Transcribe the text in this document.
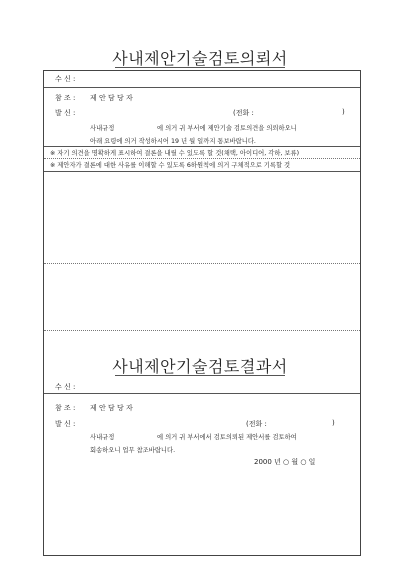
사내제안기술검토의뢰서
수 신 :
참 조 : 제 안 담 당 자
발 신 :	(전화 :	)
사내규정	에 의거 귀 부서에 제안기술 검토의견을 의뢰하오니
아래 요령에 의거 작성하시어 19 년 월 일까지 통보바랍니다.
※ 자기 의견을 명확하게 표시하여 결론을 내릴 수 있도록 할 것(채택, 아이디어, 각하, 보류)
※ 제안자가 결론에 대한 사유를 이해할 수 있도록 6하원칙에 의거 구체적으로 기록할 것
사내제안기술검토결과서
수 신 :
참 조 : 제 안 담 당 자
발 신 :	(전화 :	)
사내규정	에 의거 귀 부서에서 검토의뢰된 제안서를 검토하여
회송하오니 업무 참조바랍니다.
2000 년 ○ 월 ○ 일
